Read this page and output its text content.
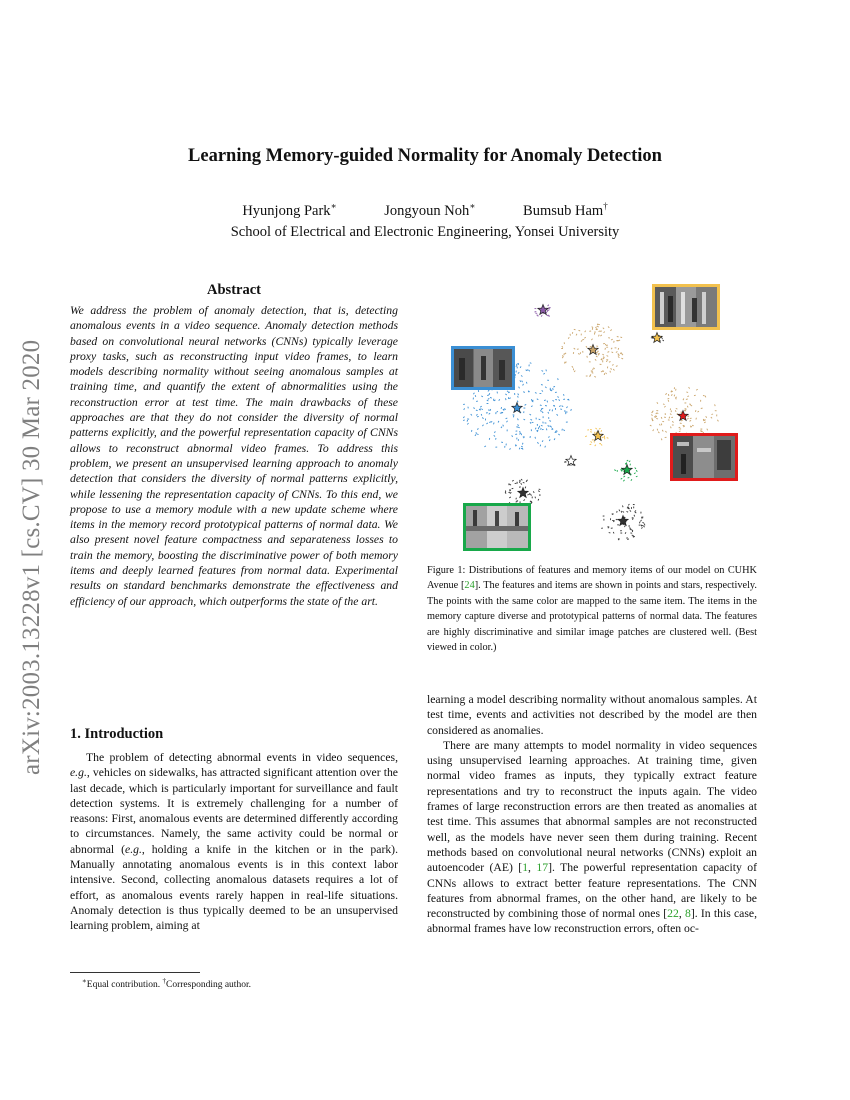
arXiv:2003.13228v1 [cs.CV] 30 Mar 2020
Learning Memory-guided Normality for Anomaly Detection
Hyunjong Park∗	Jongyoun Noh∗	Bumsub Ham†
School of Electrical and Electronic Engineering, Yonsei University
Abstract
We address the problem of anomaly detection, that is, detecting anomalous events in a video sequence. Anomaly detection methods based on convolutional neural networks (CNNs) typically leverage proxy tasks, such as reconstructing input video frames, to learn models describing normality without seeing anomalous samples at training time, and quantify the extent of abnormalities using the reconstruction error at test time. The main drawbacks of these approaches are that they do not consider the diversity of normal patterns explicitly, and the powerful representation capacity of CNNs allows to reconstruct abnormal video frames. To address this problem, we present an unsupervised learning approach to anomaly detection that considers the diversity of normal patterns explicitly, while lessening the representation capacity of CNNs. To this end, we propose to use a memory module with a new update scheme where items in the memory record prototypical patterns of normal data. We also present novel feature compactness and separateness losses to train the memory, boosting the discriminative power of both memory items and deeply learned features from normal data. Experimental results on standard benchmarks demonstrate the effectiveness and efficiency of our approach, which outperforms the state of the art.
1. Introduction

The problem of detecting abnormal events in video sequences, e.g., vehicles on sidewalks, has attracted significant attention over the last decade, which is particularly important for surveillance and fault detection systems. It is extremely challenging for a number of reasons: First, anomalous events are determined differently according to circumstances. Namely, the same activity could be normal or abnormal (e.g., holding a knife in the kitchen or in the park). Manually annotating anomalous events is in this context labor intensive. Second, collecting anomalous datasets requires a lot of effort, as anomalous events rarely happen in real-life situations. Anomaly detection is thus typically deemed to be an unsupervised learning problem, aiming at

∗Equal contribution. †Corresponding author.
Figure 1: Distributions of features and memory items of our model on CUHK Avenue [24]. The features and items are shown in points and stars, respectively. The points with the same color are mapped to the same item. The items in the memory capture diverse and prototypical patterns of normal data. The features are highly discriminative and similar image patches are clustered well. (Best viewed in color.)

learning a model describing normality without anomalous samples. At test time, events and activities not described by the model are then considered as anomalies.

There are many attempts to model normality in video sequences using unsupervised learning approaches. At training time, given normal video frames as inputs, they typically extract feature representations and try to reconstruct the inputs again. The video frames of large reconstruction errors are then treated as anomalies at test time. This assumes that abnormal samples are not reconstructed well, as the models have never seen them during training. Recent methods based on convolutional neural networks (CNNs) exploit an autoencoder (AE) [1, 17]. The powerful representation capacity of CNNs allows to extract better feature representations. The CNN features from abnormal frames, on the other hand, are likely to be reconstructed by combining those of normal ones [22, 8]. In this case, abnormal frames have low reconstruction errors, often oc-
